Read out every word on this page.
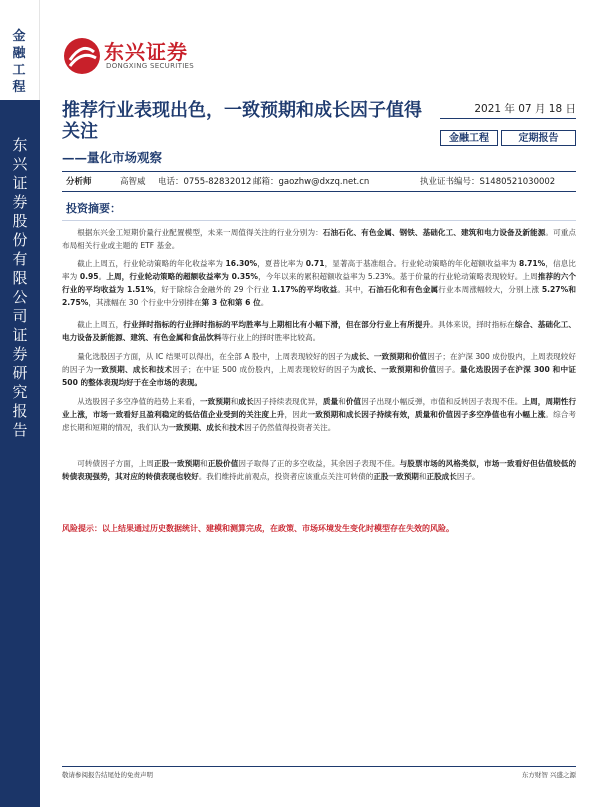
金融工程
东兴证券股份有限公司证券研究报告
东兴证券
DONGXING SECURITIES
推荐行业表现出色，一致预期和成长因子值得关注
——量化市场观察
2021 年 07 月 18 日
金融工程	定期报告
分析师	高智威 电话：0755-82832012 邮箱：gaozhw@dxzq.net.cn	执业证书编号：S1480521030002
投资摘要：
根据东兴金工短期价量行业配置模型，未来一周值得关注的行业分别为：石油石化、有色金属、钢铁、基础化工、建筑和电力设备及新能源。可重点布局相关行业或主题的 ETF 基金。
截止上周五，行业轮动策略的年化收益率为 16.30%，夏普比率为 0.71，显著高于基准组合。行业轮动策略的年化超额收益率为 8.71%，信息比率为 0.95。上周，行业轮动策略的超额收益率为 0.35%，今年以来的累积超额收益率为 5.23%。基于价量的行业轮动策略表现较好。上周推荐的六个行业的平均收益为 1.51%，好于除综合金融外的 29 个行业 1.17%的平均收益。其中，石油石化和有色金属行业本周涨幅较大，分别上涨 5.27%和 2.75%，其涨幅在 30 个行业中分别排在第 3 位和第 6 位。
截止上周五，行业择时指标的行业择时指标的平均胜率与上期相比有小幅下滑，但在部分行业上有所提升。具体来说，择时指标在综合、基础化工、电力设备及新能源、建筑、有色金属和食品饮料等行业上的择时胜率比较高。
量化选股因子方面，从 IC 结果可以得出，在全部 A 股中，上周表现较好的因子为成长、一致预期和价值因子；在沪深 300 成份股内，上周表现较好的因子为一致预期、成长和技术因子；在中证 500 成份股内，上周表现较好的因子为成长、一致预期和价值因子。量化选股因子在沪深 300 和中证 500 的整体表现均好于在全市场的表现。
从选股因子多空净值的趋势上来看，一致预期和成长因子持续表现优异，质量和价值因子出现小幅反弹，市值和反转因子表现不佳。上周，周期性行业上涨，市场一致看好且盈利稳定的低估值企业受到的关注度上升，因此一致预期和成长因子持续有效，质量和价值因子多空净值也有小幅上涨。综合考虑长期和短期的情况，我们认为一致预期、成长和技术因子仍然值得投资者关注。
可转债因子方面，上周正股一致预期和正股价值因子取得了正的多空收益，其余因子表现不佳。与股票市场的风格类似，市场一致看好但估值较低的转债表现强势，其对应的转债表现也较好。我们维持此前观点，投资者应该重点关注可转债的正股一致预期和正股成长因子。
风险提示：以上结果通过历史数据统计、建模和测算完成，在政策、市场环境发生变化时模型存在失效的风险。
敬请参阅报告结尾处的免责声明	东方财智 兴盛之源
